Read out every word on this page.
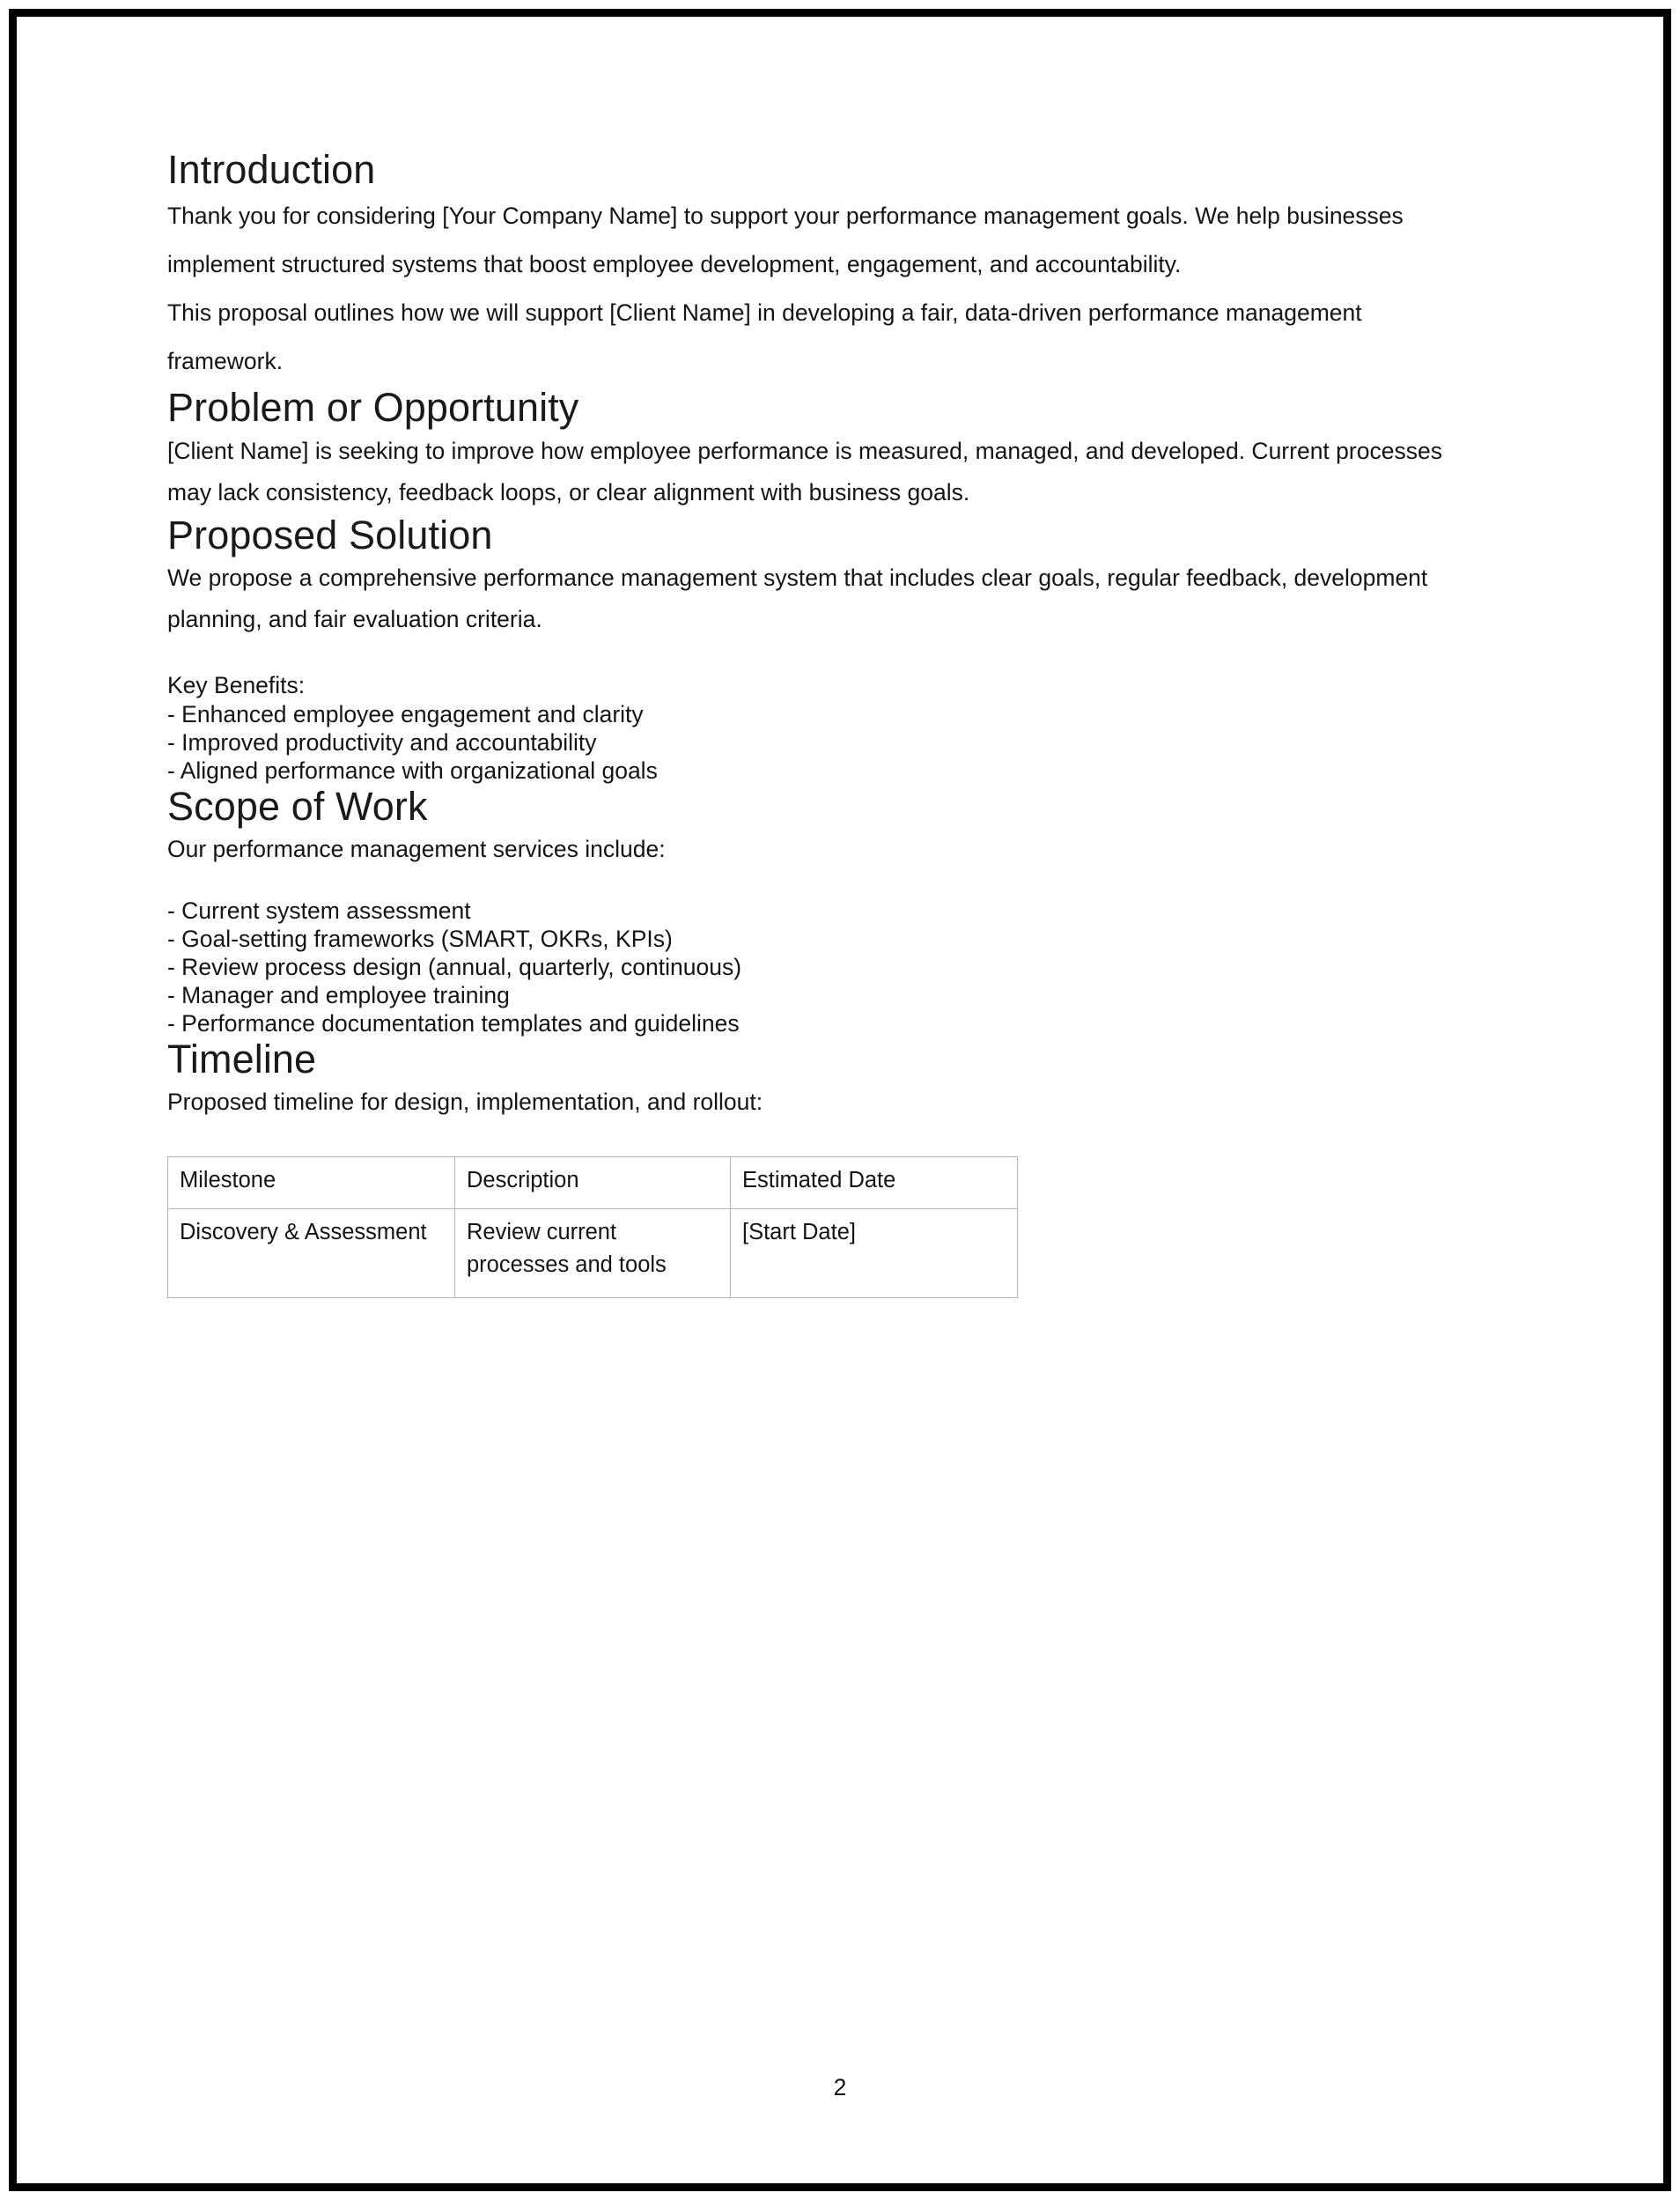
Introduction

Thank you for considering [Your Company Name] to support your performance management goals. We help businesses implement structured systems that boost employee development, engagement, and accountability.

This proposal outlines how we will support [Client Name] in developing a fair, data-driven performance management framework.

Problem or Opportunity

[Client Name] is seeking to improve how employee performance is measured, managed, and developed. Current processes may lack consistency, feedback loops, or clear alignment with business goals.

Proposed Solution

We propose a comprehensive performance management system that includes clear goals, regular feedback, development planning, and fair evaluation criteria.

Key Benefits:

- Enhanced employee engagement and clarity
- Improved productivity and accountability
- Aligned performance with organizational goals
Scope of Work

Our performance management services include:

- Current system assessment
- Goal-setting frameworks (SMART, OKRs, KPIs)
- Review process design (annual, quarterly, continuous)
- Manager and employee training
- Performance documentation templates and guidelines
Timeline

Proposed timeline for design, implementation, and rollout:

Milestone	Description	Estimated Date
Discovery & Assessment	Review current processes and tools	[Start Date]
2
